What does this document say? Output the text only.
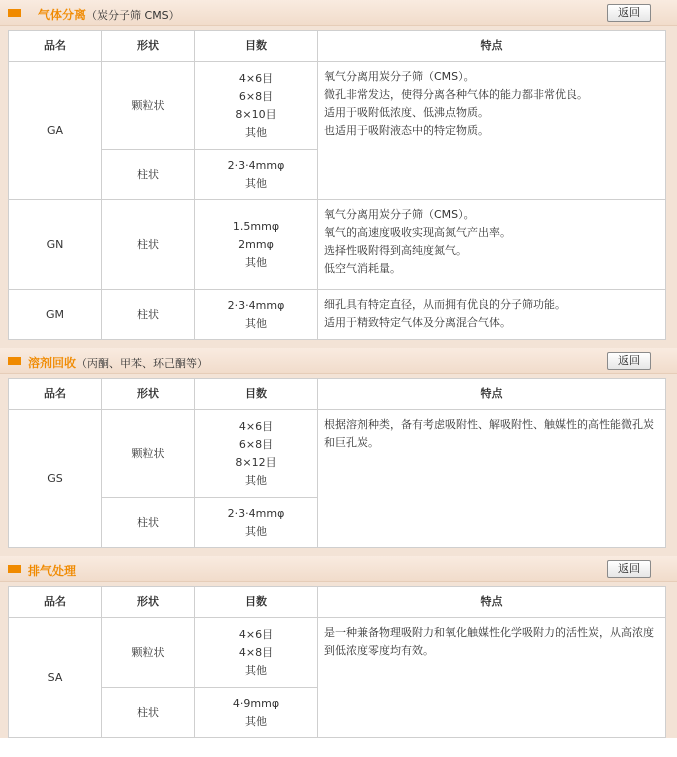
气体分离（炭分子筛 CMS）	返回
品名	形状	目数	特点
GA	颗粒状	4×6目
6×8目
8×10目
其他	氧气分离用炭分子筛（CMS）。
微孔非常发达，使得分离各种气体的能力都非常优良。
适用于吸附低浓度、低沸点物质。
也适用于吸附液态中的特定物质。

	柱状	2·3·4mmφ
其他	

GN	柱状	1.5mmφ
2mmφ
其他	氧气分离用炭分子筛（CMS）。
氧气的高速度吸收实现高氮气产出率。
选择性吸附得到高纯度氮气。
低空气消耗量。

GM	柱状	2·3·4mmφ
其他	细孔具有特定直径，从而拥有优良的分子筛功能。
适用于精致特定气体及分离混合气体。
溶剂回收（丙酮、甲苯、环己酮等）	返回
品名	形状	目数	特点
GS	颗粒状	4×6目
6×8目
8×12目
其他	根据溶剂种类，备有考虑吸附性、解吸附性、触媒性的高性能微孔炭和巨孔炭。

	柱状	2·3·4mmφ
其他	
排气处理	返回
品名	形状	目数	特点
SA	颗粒状	4×6目
4×8目
其他	是一种兼备物理吸附力和氧化触媒性化学吸附力的活性炭，从高浓度到低浓度零度均有效。

	柱状	4·9mmφ
其他	
